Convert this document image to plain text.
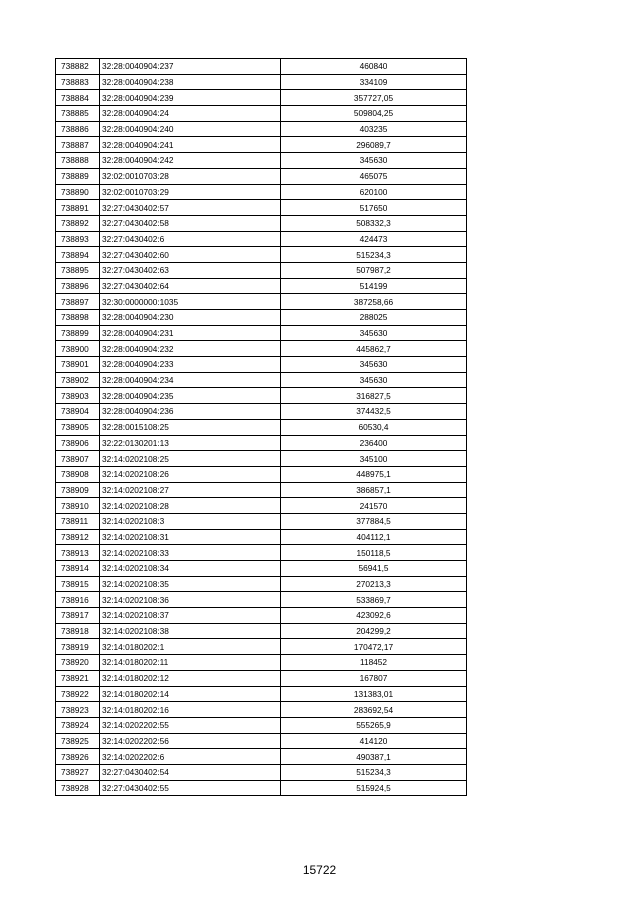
738882	32:28:0040904:237	460840
738883	32:28:0040904:238	334109
738884	32:28:0040904:239	357727,05
738885	32:28:0040904:24	509804,25
738886	32:28:0040904:240	403235
738887	32:28:0040904:241	296089,7
738888	32:28:0040904:242	345630
738889	32:02:0010703:28	465075
738890	32:02:0010703:29	620100
738891	32:27:0430402:57	517650
738892	32:27:0430402:58	508332,3
738893	32:27:0430402:6	424473
738894	32:27:0430402:60	515234,3
738895	32:27:0430402:63	507987,2
738896	32:27:0430402:64	514199
738897	32:30:0000000:1035	387258,66
738898	32:28:0040904:230	288025
738899	32:28:0040904:231	345630
738900	32:28:0040904:232	445862,7
738901	32:28:0040904:233	345630
738902	32:28:0040904:234	345630
738903	32:28:0040904:235	316827,5
738904	32:28:0040904:236	374432,5
738905	32:28:0015108:25	60530,4
738906	32:22:0130201:13	236400
738907	32:14:0202108:25	345100
738908	32:14:0202108:26	448975,1
738909	32:14:0202108:27	386857,1
738910	32:14:0202108:28	241570
738911	32:14:0202108:3	377884,5
738912	32:14:0202108:31	404112,1
738913	32:14:0202108:33	150118,5
738914	32:14:0202108:34	56941,5
738915	32:14:0202108:35	270213,3
738916	32:14:0202108:36	533869,7
738917	32:14:0202108:37	423092,6
738918	32:14:0202108:38	204299,2
738919	32:14:0180202:1	170472,17
738920	32:14:0180202:11	118452
738921	32:14:0180202:12	167807
738922	32:14:0180202:14	131383,01
738923	32:14:0180202:16	283692,54
738924	32:14:0202202:55	555265,9
738925	32:14:0202202:56	414120
738926	32:14:0202202:6	490387,1
738927	32:27:0430402:54	515234,3
738928	32:27:0430402:55	515924,5
15722
